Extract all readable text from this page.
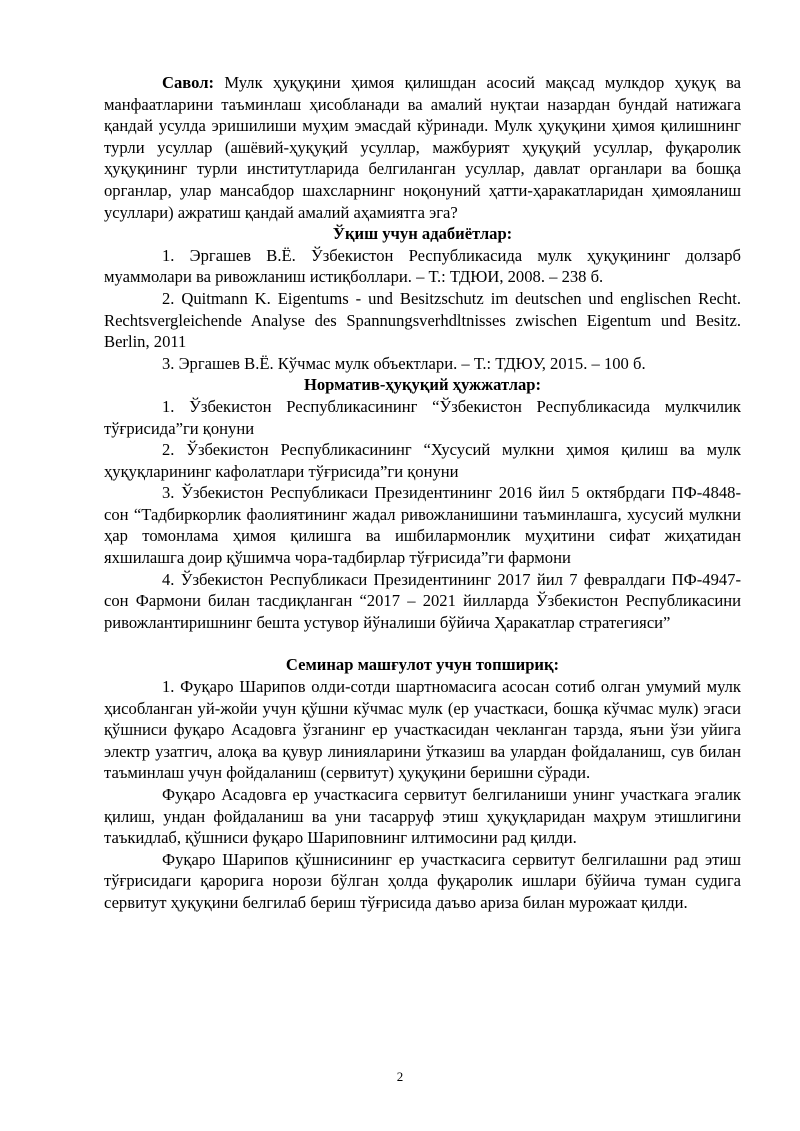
Савол: Мулк ҳуқуқини ҳимоя қилишдан асосий мақсад мулкдор ҳуқуқ ва манфаатларини таъминлаш ҳисобланади ва амалий нуқтаи назардан бундай натижага қандай усулда эришилиши муҳим эмасдай кўринади. Мулк ҳуқуқини ҳимоя қилишнинг турли усуллар (ашёвий-ҳуқуқий усуллар, мажбурият ҳуқуқий усуллар, фуқаролик ҳуқуқининг турли институтларида белгиланган усуллар, давлат органлари ва бошқа органлар, улар мансабдор шахсларнинг ноқонуний ҳатти-ҳаракатларидан ҳимояланиш усуллари) ажратиш қандай амалий аҳамиятга эга?

Ўқиш учун адабиётлар:

1. Эргашев В.Ё. Ўзбекистон Республикасида мулк ҳуқуқининг долзарб муаммолари ва ривожланиш истиқболлари. – Т.: ТДЮИ, 2008. – 238 б.

2. Quitmann K. Eigentums - und Besitzschutz im deutschen und englischen Recht. Rechtsvergleichende Analyse des Spannungsverhdltnisses zwischen Eigentum und Besitz. Berlin, 2011

3. Эргашев В.Ё. Кўчмас мулк объектлари. – Т.: ТДЮУ, 2015. – 100 б.

Норматив-ҳуқуқий ҳужжатлар:

1. Ўзбекистон Республикасининг “Ўзбекистон Республикасида мулкчилик тўғрисида”ги қонуни

2. Ўзбекистон Республикасининг “Хусусий мулкни ҳимоя қилиш ва мулк ҳуқуқларининг кафолатлари тўғрисида”ги қонуни

3. Ўзбекистон Республикаси Президентининг 2016 йил 5 октябрдаги ПФ-4848-сон “Тадбиркорлик фаолиятининг жадал ривожланишини таъминлашга, хусусий мулкни ҳар томонлама ҳимоя қилишга ва ишбилармонлик муҳитини сифат жиҳатидан яхшилашга доир қўшимча чора-тадбирлар тўғрисида”ги фармони

4. Ўзбекистон Республикаси Президентининг 2017 йил 7 февралдаги ПФ-4947-сон Фармони билан тасдиқланган “2017 – 2021 йилларда Ўзбекистон Республикасини ривожлантиришнинг бешта устувор йўналиши бўйича Ҳаракатлар стратегияси”

Семинар машғулот учун топшириқ:

1. Фуқаро Шарипов олди-сотди шартномасига асосан сотиб олган умумий мулк ҳисобланган уй-жойи учун қўшни кўчмас мулк (ер участкаси, бошқа кўчмас мулк) эгаси қўшниси фуқаро Асадовга ўзганинг ер участкасидан чекланган тарзда, яъни ўзи уйига электр узатгич, алоқа ва қувур линияларини ўтказиш ва улардан фойдаланиш, сув билан таъминлаш учун фойдаланиш (сервитут) ҳуқуқини беришни сўради.

Фуқаро Асадовга ер участкасига сервитут белгиланиши унинг участкага эгалик қилиш, ундан фойдаланиш ва уни тасарруф этиш ҳуқуқларидан маҳрум этишлигини таъкидлаб, қўшниси фуқаро Шариповнинг илтимосини рад қилди.

Фуқаро Шарипов қўшнисининг ер участкасига сервитут белгилашни рад этиш тўғрисидаги қарорига норози бўлган ҳолда фуқаролик ишлари бўйича туман судига сервитут ҳуқуқини белгилаб бериш тўғрисида даъво ариза билан мурожаат қилди.

2
